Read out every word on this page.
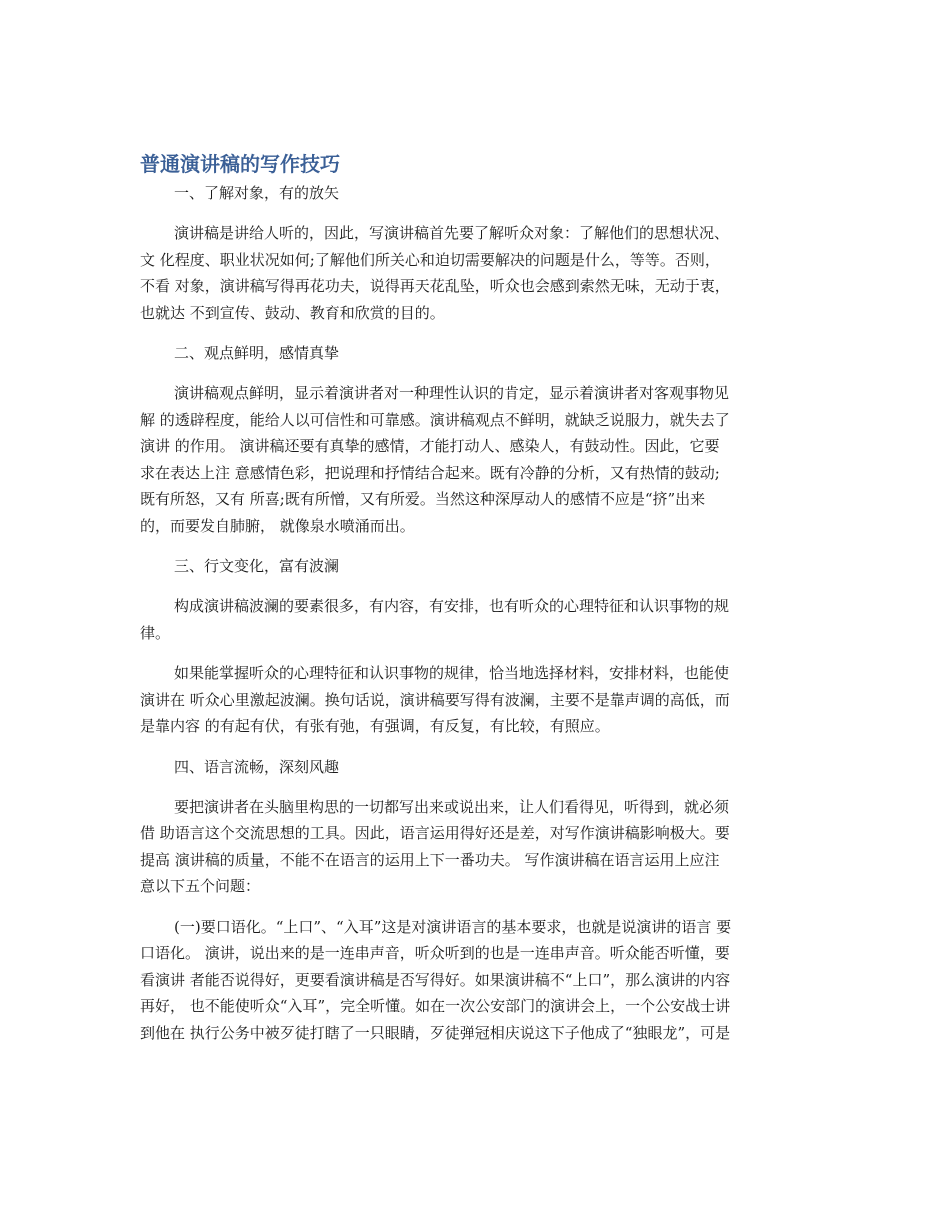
普通演讲稿的写作技巧
一、了解对象，有的放矢
演讲稿是讲给人听的，因此，写演讲稿首先要了解听众对象：了解他们的思想状况、
文 化程度、职业状况如何;了解他们所关心和迫切需要解决的问题是什么，等等。否则，
不看 对象，演讲稿写得再花功夫，说得再天花乱坠，听众也会感到索然无味，无动于衷，
也就达 不到宣传、鼓动、教育和欣赏的目的。
二、观点鲜明，感情真挚
演讲稿观点鲜明，显示着演讲者对一种理性认识的肯定，显示着演讲者对客观事物见
解 的透辟程度，能给人以可信性和可靠感。演讲稿观点不鲜明，就缺乏说服力，就失去了
演讲 的作用。 演讲稿还要有真挚的感情，才能打动人、感染人，有鼓动性。因此，它要
求在表达上注 意感情色彩，把说理和抒情结合起来。既有冷静的分析，又有热情的鼓动;
既有所怒，又有 所喜;既有所憎，又有所爱。当然这种深厚动人的感情不应是“挤”出来
的，而要发自肺腑， 就像泉水喷涌而出。
三、行文变化，富有波澜
构成演讲稿波澜的要素很多，有内容，有安排，也有听众的心理特征和认识事物的规
律。
如果能掌握听众的心理特征和认识事物的规律，恰当地选择材料，安排材料，也能使
演讲在 听众心里激起波澜。换句话说，演讲稿要写得有波澜，主要不是靠声调的高低，而
是靠内容 的有起有伏，有张有弛，有强调，有反复，有比较，有照应。
四、语言流畅，深刻风趣
要把演讲者在头脑里构思的一切都写出来或说出来，让人们看得见，听得到，就必须
借 助语言这个交流思想的工具。因此，语言运用得好还是差，对写作演讲稿影响极大。要
提高 演讲稿的质量，不能不在语言的运用上下一番功夫。 写作演讲稿在语言运用上应注
意以下五个问题：
(一)要口语化。“上口”、“入耳”这是对演讲语言的基本要求，也就是说演讲的语言 要
口语化。 演讲，说出来的是一连串声音，听众听到的也是一连串声音。听众能否听懂，要
看演讲 者能否说得好，更要看演讲稿是否写得好。如果演讲稿不“上口”，那么演讲的内容
再好， 也不能使听众“入耳”，完全听懂。如在一次公安部门的演讲会上，一个公安战士讲
到他在 执行公务中被歹徒打瞎了一只眼睛，歹徒弹冠相庆说这下子他成了“独眼龙”，可是
